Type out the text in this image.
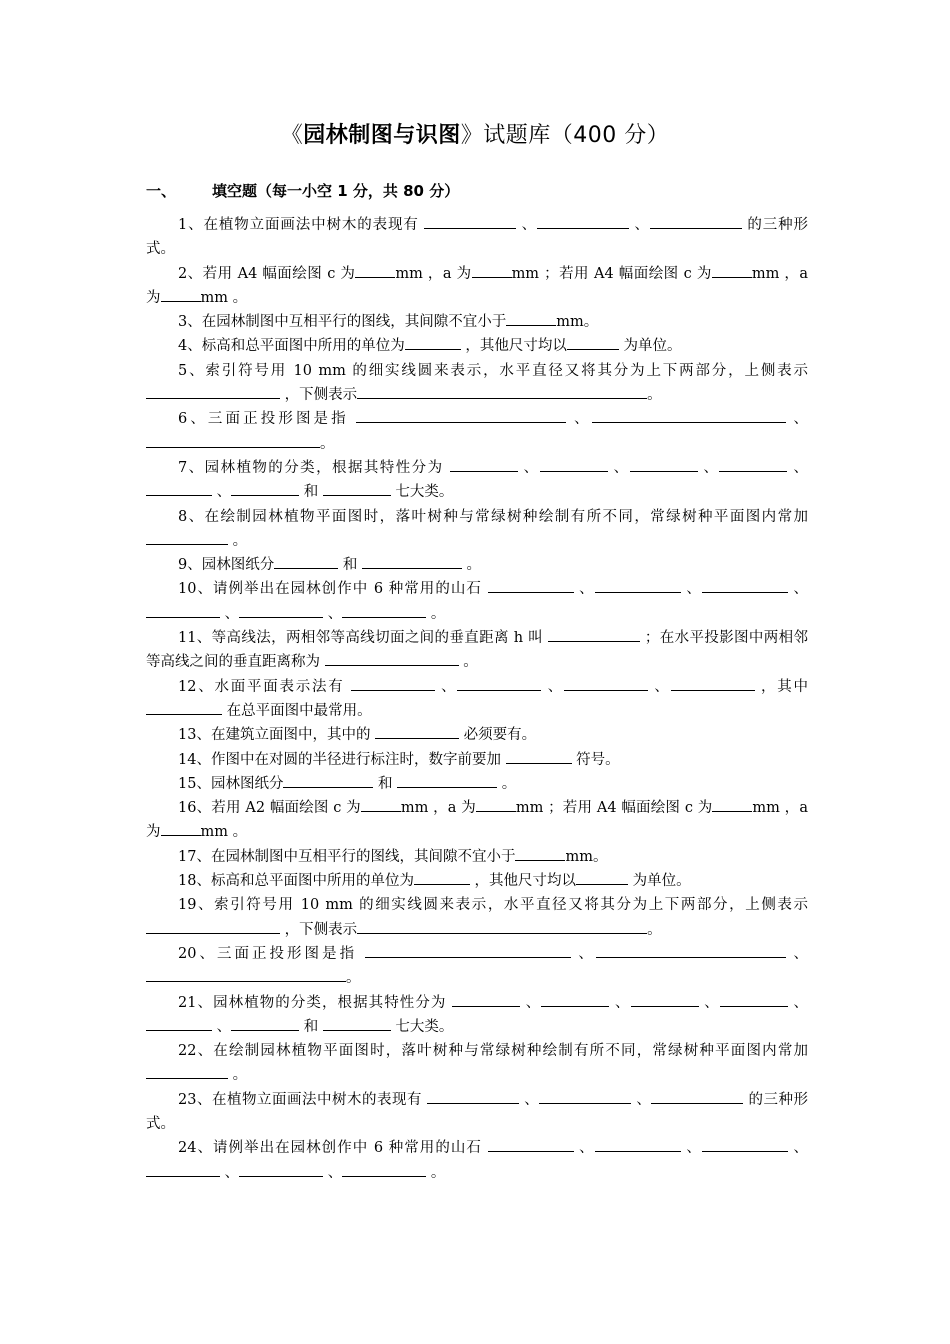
《园林制图与识图》试题库（400 分）
一、 填空题（每一小空 1 分，共 80 分）

1、在植物立面画法中树木的表现有	、	、	的三种形式。

2、若用 A4 幅面绘图 c 为	mm ，a 为	mm ；若用 A4 幅面绘图 c 为	mm ，a 为	mm 。

3、在园林制图中互相平行的图线，其间隙不宜小于	mm。

4、标高和总平面图中所用的单位为	，其他尺寸均以	为单位。

5、索引符号用 10 mm 的细实线圆来表示，水平直径又将其分为上下两部分，上侧表示 ，下侧表示	。

6、三面正投形图是指	、	、。

7、园林植物的分类，根据其特性分为	、	、	、	、 、	和	七大类。

8、在绘制园林植物平面图时，落叶树种与常绿树种绘制有所不同，常绿树种平面图内常加  。

9、园林图纸分	和	。

10、请例举出在园林创作中 6 种常用的山石	、	、	、 、	、	。

11、等高线法，两相邻等高线切面之间的垂直距离 h 叫	；在水平投影图中两相邻等高线之间的垂直距离称为	。

12、水面平面表示法有	、	、	、	，其中  在总平面图中最常用。

13、在建筑立面图中，其中的	必须要有。

14、作图中在对圆的半径进行标注时，数字前要加	符号。

15、园林图纸分	和	。

16、若用 A2 幅面绘图 c 为	mm ，a 为	mm ；若用 A4 幅面绘图 c 为	mm ，a 为	mm 。

17、在园林制图中互相平行的图线，其间隙不宜小于	mm。

18、标高和总平面图中所用的单位为	，其他尺寸均以	为单位。

19、索引符号用 10 mm 的细实线圆来表示，水平直径又将其分为上下两部分，上侧表示 ，下侧表示	。

20、三面正投形图是指	、	、。

21、园林植物的分类，根据其特性分为	、	、	、	、 、	和	七大类。

22、在绘制园林植物平面图时，落叶树种与常绿树种绘制有所不同，常绿树种平面图内常加  。

23、在植物立面画法中树木的表现有	、	、	的三种形式。

24、请例举出在园林创作中 6 种常用的山石	、	、	、 、	、	。
